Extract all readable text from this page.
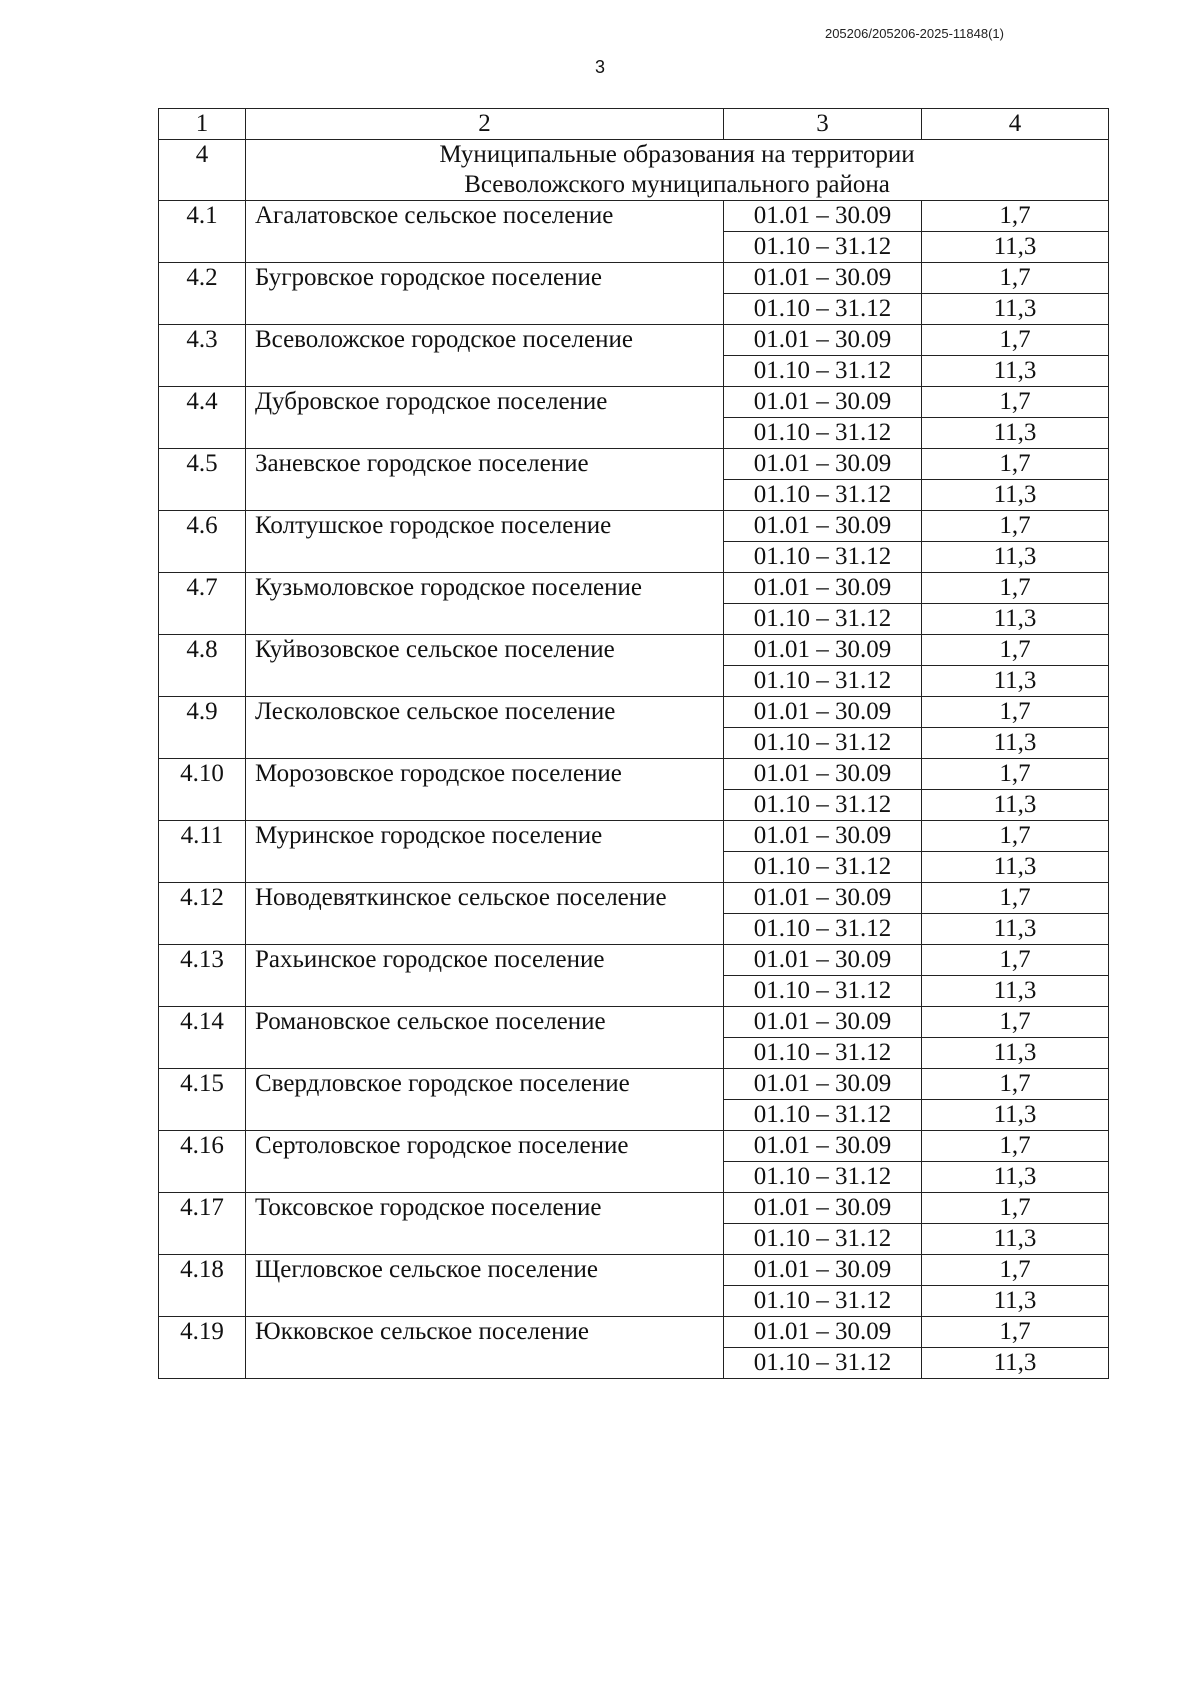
205206/205206-2025-11848(1)
3
1	2	3	4
4	Муниципальные образования на территории
Всеволожского муниципального района		

4.1	Агалатовское сельское поселение	01.01 – 30.09	1,7
		01.10 – 31.12	11,3
4.2	Бугровское городское поселение	01.01 – 30.09	1,7
		01.10 – 31.12	11,3
4.3	Всеволожское городское поселение	01.01 – 30.09	1,7
		01.10 – 31.12	11,3
4.4	Дубровское городское поселение	01.01 – 30.09	1,7
		01.10 – 31.12	11,3
4.5	Заневское городское поселение	01.01 – 30.09	1,7
		01.10 – 31.12	11,3
4.6	Колтушское городское поселение	01.01 – 30.09	1,7
		01.10 – 31.12	11,3
4.7	Кузьмоловское городское поселение	01.01 – 30.09	1,7
		01.10 – 31.12	11,3
4.8	Куйвозовское сельское поселение	01.01 – 30.09	1,7
		01.10 – 31.12	11,3
4.9	Лесколовское сельское поселение	01.01 – 30.09	1,7
		01.10 – 31.12	11,3
4.10	Морозовское городское поселение	01.01 – 30.09	1,7
		01.10 – 31.12	11,3
4.11	Муринское городское поселение	01.01 – 30.09	1,7
		01.10 – 31.12	11,3
4.12	Новодевяткинское сельское поселение	01.01 – 30.09	1,7
		01.10 – 31.12	11,3
4.13	Рахьинское городское поселение	01.01 – 30.09	1,7
		01.10 – 31.12	11,3
4.14	Романовское сельское поселение	01.01 – 30.09	1,7
		01.10 – 31.12	11,3
4.15	Свердловское городское поселение	01.01 – 30.09	1,7
		01.10 – 31.12	11,3
4.16	Сертоловское городское поселение	01.01 – 30.09	1,7
		01.10 – 31.12	11,3
4.17	Токсовское городское поселение	01.01 – 30.09	1,7
		01.10 – 31.12	11,3
4.18	Щегловское сельское поселение	01.01 – 30.09	1,7
		01.10 – 31.12	11,3
4.19	Юкковское сельское поселение	01.01 – 30.09	1,7
		01.10 – 31.12	11,3
